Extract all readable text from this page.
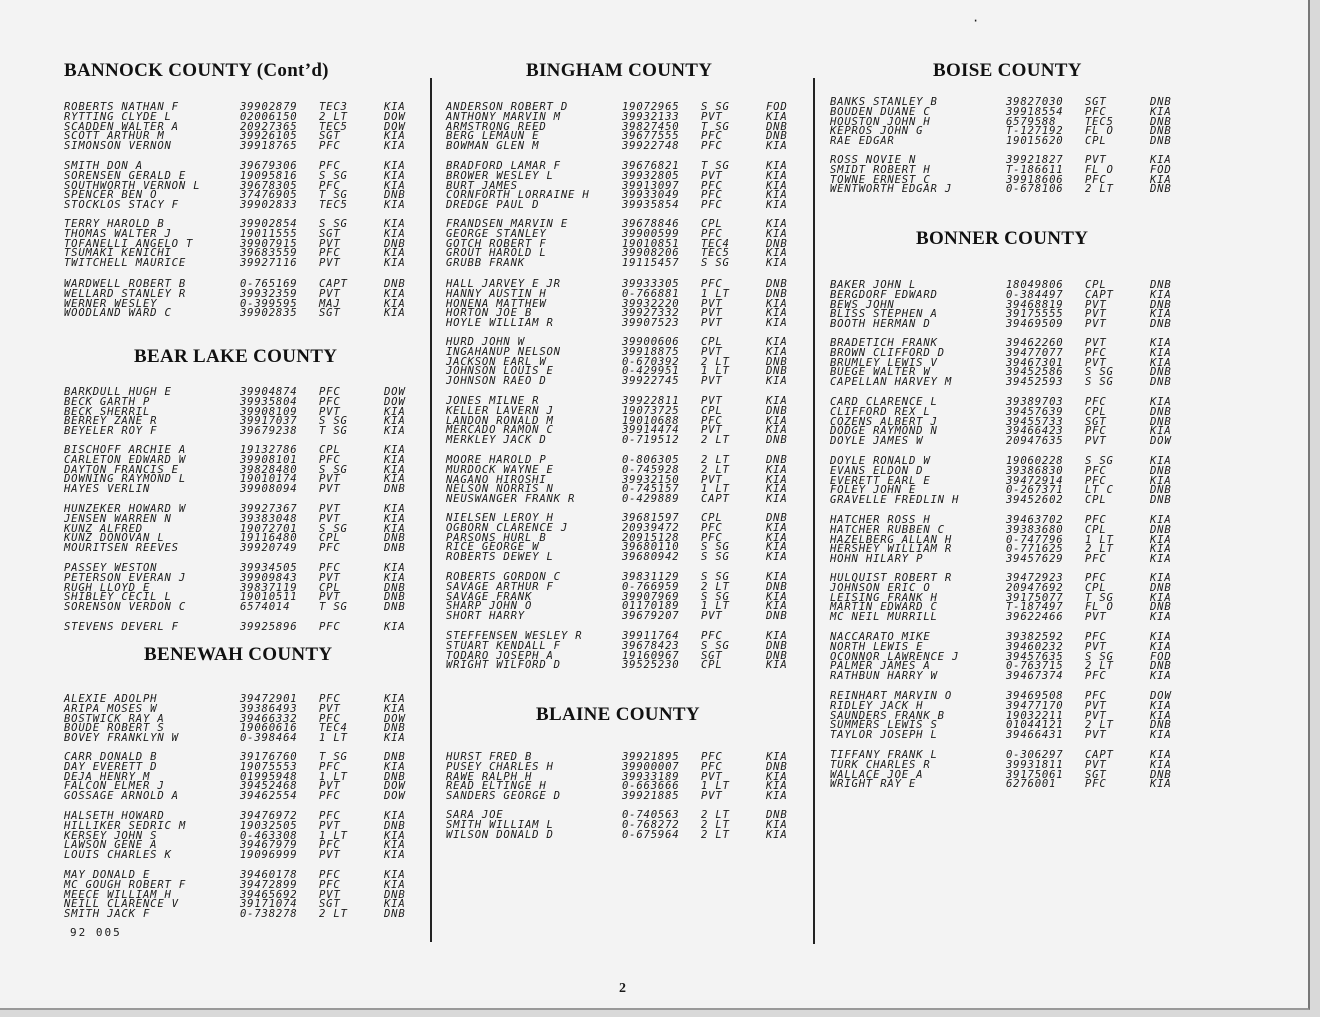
BANNOCK COUNTY (Cont’d)
ROBERTS NATHAN F	39902879 TEC3	KIA
RYTTING CLYDE L	02006150 2 LT	DOW
SCADDEN WALTER A	20927365 TEC5	DOW
SCOTT ARTHUR M	39926105 SGT	KIA
SIMONSON VERNON	39918765 PFC	KIA
SMITH DON A	39679306 PFC	KIA
SORENSEN GERALD E	19095816 S SG	KIA
SOUTHWORTH VERNON L	39678305 PFC	KIA
SPENCER BEN O	37476905 T SG	DNB
STOCKLOS STACY F	39902833 TEC5	KIA
TERRY HAROLD B	39902854 S SG	KIA
THOMAS WALTER J	19011555 SGT	KIA
TOFANELLI ANGELO T	39907915 PVT	DNB
TSUMAKI KENICHI	39683559 PFC	KIA
TWITCHELL MAURICE	39927116 PVT	KIA
WARDWELL ROBERT B	0-765169 CAPT	DNB
WELLARD STANLEY R	39932359 PVT	KIA
WERNER WESLEY	0-399595 MAJ	KIA
WOODLAND WARD C	39902835 SGT	KIA
BEAR LAKE COUNTY
BARKDULL HUGH E	39904874 PFC	DOW
BECK GARTH P	39935804 PFC	DOW
BECK SHERRIL	39908109 PVT	KIA
BERREY ZANE R	39917037 S SG	KIA
BEYELER ROY F	39679238 T SG	KIA
BISCHOFF ARCHIE A	19132786 CPL	KIA
CARLETON EDWARD W	39908101 PFC	KIA
DAYTON FRANCIS E	39828480 S SG	KIA
DOWNING RAYMOND L	19010174 PVT	KIA
HAYES VERLIN	39908094 PVT	DNB
HUNZEKER HOWARD W	39927367 PVT	KIA
JENSEN WARREN N	39383048 PVT	KIA
KUNZ ALFRED	19072701 S SG	KIA
KUNZ DONOVAN L	19116480 CPL	DNB
MOURITSEN REEVES	39920749 PFC	DNB
PASSEY WESTON	39934505 PFC	KIA
PETERSON EVERAN J	39909843 PVT	KIA
RUGH LLOYD E	39837119 CPL	DNB
SHIBLEY CECIL L	19010511 PVT	DNB
SORENSON VERDON C	6574014	T SG	DNB
STEVENS DEVERL F	39925896 PFC	KIA
BENEWAH COUNTY
ALEXIE ADOLPH	39472901 PFC	KIA
ARIPA MOSES W	39386493 PVT	KIA
BOSTWICK RAY A	39466332 PFC	DOW
BOUDE ROBERT S	19060616 TEC4	DNB
BOVEY FRANKLYN W	0-398464 1 LT	KIA
CARR DONALD B	39176760 T SG	DNB
DAY EVERETT D	19075553 PFC	KIA
DEJA HENRY M	01995948 1 LT	DNB
FALCON ELMER J	39452468 PVT	DOW
GOSSAGE ARNOLD A	39462554 PFC	DOW
HALSETH HOWARD	39476972 PFC	KIA
HILLIKER SEDRIC M	19032505 PVT	DNB
KERSEY JOHN S	0-463308 1 LT	KIA
LAWSON GENE A	39467979 PFC	KIA
LOUIS CHARLES K	19096999 PVT	KIA
MAY DONALD E	39460178 PFC	KIA
MC GOUGH ROBERT F	39472899 PFC	KIA
MEECE WILLIAM H	39465692 PVT	DNB
NEILL CLARENCE V	39171074 SGT	KIA
SMITH JACK F	0-738278 2 LT	DNB
BINGHAM COUNTY
ANDERSON ROBERT D	19072965 S SG	FOD
ANTHONY MARVIN M	39932133 PVT	KIA
ARMSTRONG REED	39827450 T SG	DNB
BERG LEMAUN E	39677555 PFC	DNB
BOWMAN GLEN M	39922748 PFC	KIA
BRADFORD LAMAR F	39676821 T SG	KIA
BROWER WESLEY L	39932805 PVT	KIA
BURT JAMES	39913097 PFC	KIA
CORNFORTH LORRAINE H	39933049 PFC	KIA
DREDGE PAUL D	39935854 PFC	KIA
FRANDSEN MARVIN E	39678846 CPL	KIA
GEORGE STANLEY	39900599 PFC	KIA
GOTCH ROBERT F	19010851 TEC4	DNB
GROUT HAROLD L	39908206 TEC5	KIA
GRUBB FRANK	19115457 S SG	KIA
HALL JARVEY E JR	39933305 PFC	DNB
HANNY AUSTIN H	0-766881 1 LT	DNB
HONENA MATTHEW	39932220 PVT	KIA
HORTON JOE B	39927332 PVT	KIA
HOYLE WILLIAM R	39907523 PVT	KIA
HURD JOHN W	39900606 CPL	KIA
INGAHANUP NELSON	39918875 PVT	KIA
JACKSON EARL W	0-670392 2 LT	DNB
JOHNSON LOUIS E	0-429951 1 LT	DNB
JOHNSON RAEO D	39922745 PVT	KIA
JONES MILNE R	39922811 PVT	KIA
KELLER LAVERN J	19073725 CPL	DNB
LANDON RONALD M	19010688 PFC	KIA
MERCADO RAMON C	39914474 PVT	KIA
MERKLEY JACK D	0-719512 2 LT	DNB
MOORE HAROLD P	0-806305 2 LT	DNB
MURDOCK WAYNE E	0-745928 2 LT	KIA
NAGANO HIROSHI	39932150 PVT	KIA
NELSON NORRIS N	0-745157 1 LT	KIA
NEUSWANGER FRANK R	0-429889 CAPT	KIA
NIELSEN LEROY H	39681597 CPL	DNB
OGBORN CLARENCE J	20939472 PFC	KIA
PARSONS HURL B	20915128 PFC	KIA
RICE GEORGE W	39680110 S SG	KIA
ROBERTS DEWEY L	39680942 S SG	KIA
ROBERTS GORDON C	39831129 S SG	KIA
SAVAGE ARTHUR F	0-766959 2 LT	DNB
SAVAGE FRANK	39907969 S SG	KIA
SHARP JOHN O	01170189 1 LT	KIA
SHORT HARRY	39679207 PVT	DNB
STEFFENSEN WESLEY R	39911764 PFC	KIA
STUART KENDALL F	39678423 S SG	DNB
TODARO JOSEPH A	19160967 SGT	DNB
WRIGHT WILFORD D	39525230 CPL	KIA
BLAINE COUNTY
HURST FRED B	39921895 PFC	KIA
PUSEY CHARLES H	39900007 PFC	DNB
RAWE RALPH H	39933189 PVT	KIA
READ ELTINGE H	0-663666 1 LT	KIA
SANDERS GEORGE D	39921885 PVT	KIA
SARA JOE	0-740563 2 LT	DNB
SMITH WILLIAM L	0-768272 2 LT	KIA
WILSON DONALD D	0-675964 2 LT	KIA
BOISE COUNTY
BANKS STANLEY B	39827030 SGT	DNB
BOUDEN DUANE C	39918554 PFC	KIA
HOUSTON JOHN H	6579588	TEC5	DNB
KEPROS JOHN G	T-127192 FL O	DNB
RAE EDGAR	19015620 CPL	DNB
ROSS NOVIE N	39921827 PVT	KIA
SMIDT ROBERT H	T-186611 FL O	FOD
TOWNE ERNEST C	39918606 PFC	KIA
WENTWORTH EDGAR J	0-678106 2 LT	DNB
BONNER COUNTY
BAKER JOHN L	18049806 CPL	DNB
BERGDORF EDWARD	0-384497 CAPT	KIA
BEWS JOHN	39468819 PVT	DNB
BLISS STEPHEN A	39175555 PVT	KIA
BOOTH HERMAN D	39469509 PVT	DNB
BRADETICH FRANK	39462260 PVT	KIA
BROWN CLIFFORD D	39477077 PFC	KIA
BRUMLEY LEWIS V	39467301 PVT	KIA
BUEGE WALTER W	39452586 S SG	DNB
CAPELLAN HARVEY M	39452593 S SG	DNB
CARD CLARENCE L	39389703 PFC	KIA
CLIFFORD REX L	39457639 CPL	DNB
COZENS ALBERT J	39455733 SGT	DNB
DODGE RAYMOND N	39466423 PFC	KIA
DOYLE JAMES W	20947635 PVT	DOW
DOYLE RONALD W	19060228 S SG	KIA
EVANS ELDON D	39386830 PFC	DNB
EVERETT EARL E	39472914 PFC	KIA
FOLEY JOHN E	0-267371 LT C	DNB
GRAVELLE FREDLIN H	39452602 CPL	DNB
HATCHER ROSS H	39463702 PFC	KIA
HATCHER RUBBEN C	39383680 CPL	DNB
HAZELBERG ALLAN H	0-747796 1 LT	KIA
HERSHEY WILLIAM R	0-771625 2 LT	KIA
HOHN HILARY P	39457629 PFC	KIA
HULQUIST ROBERT R	39472923 PFC	KIA
JOHNSON ERIC O	20947692 CPL	DNB
LEISING FRANK H	39175077 T SG	KIA
MARTIN EDWARD C	T-187497 FL O	DNB
MC NEIL MURRILL	39622466 PVT	KIA
NACCARATO MIKE	39382592 PFC	KIA
NORTH LEWIS E	39460232 PVT	KIA
OCONNOR LAWRENCE J	39457635 S SG	FOD
PALMER JAMES A	0-763715 2 LT	DNB
RATHBUN HARRY W	39467374 PFC	KIA
REINHART MARVIN O	39469508 PFC	DOW
RIDLEY JACK H	39477170 PVT	KIA
SAUNDERS FRANK B	19032211 PVT	KIA
SUMMERS LEWIS S	01044121 2 LT	DNB
TAYLOR JOSEPH L	39466431 PVT	KIA
TIFFANY FRANK L	0-306297 CAPT	KIA
TURK CHARLES R	39931811 PVT	KIA
WALLACE JOE A	39175061 SGT	DNB
WRIGHT RAY E	6276001	PFC	KIA
92 005
2
·
